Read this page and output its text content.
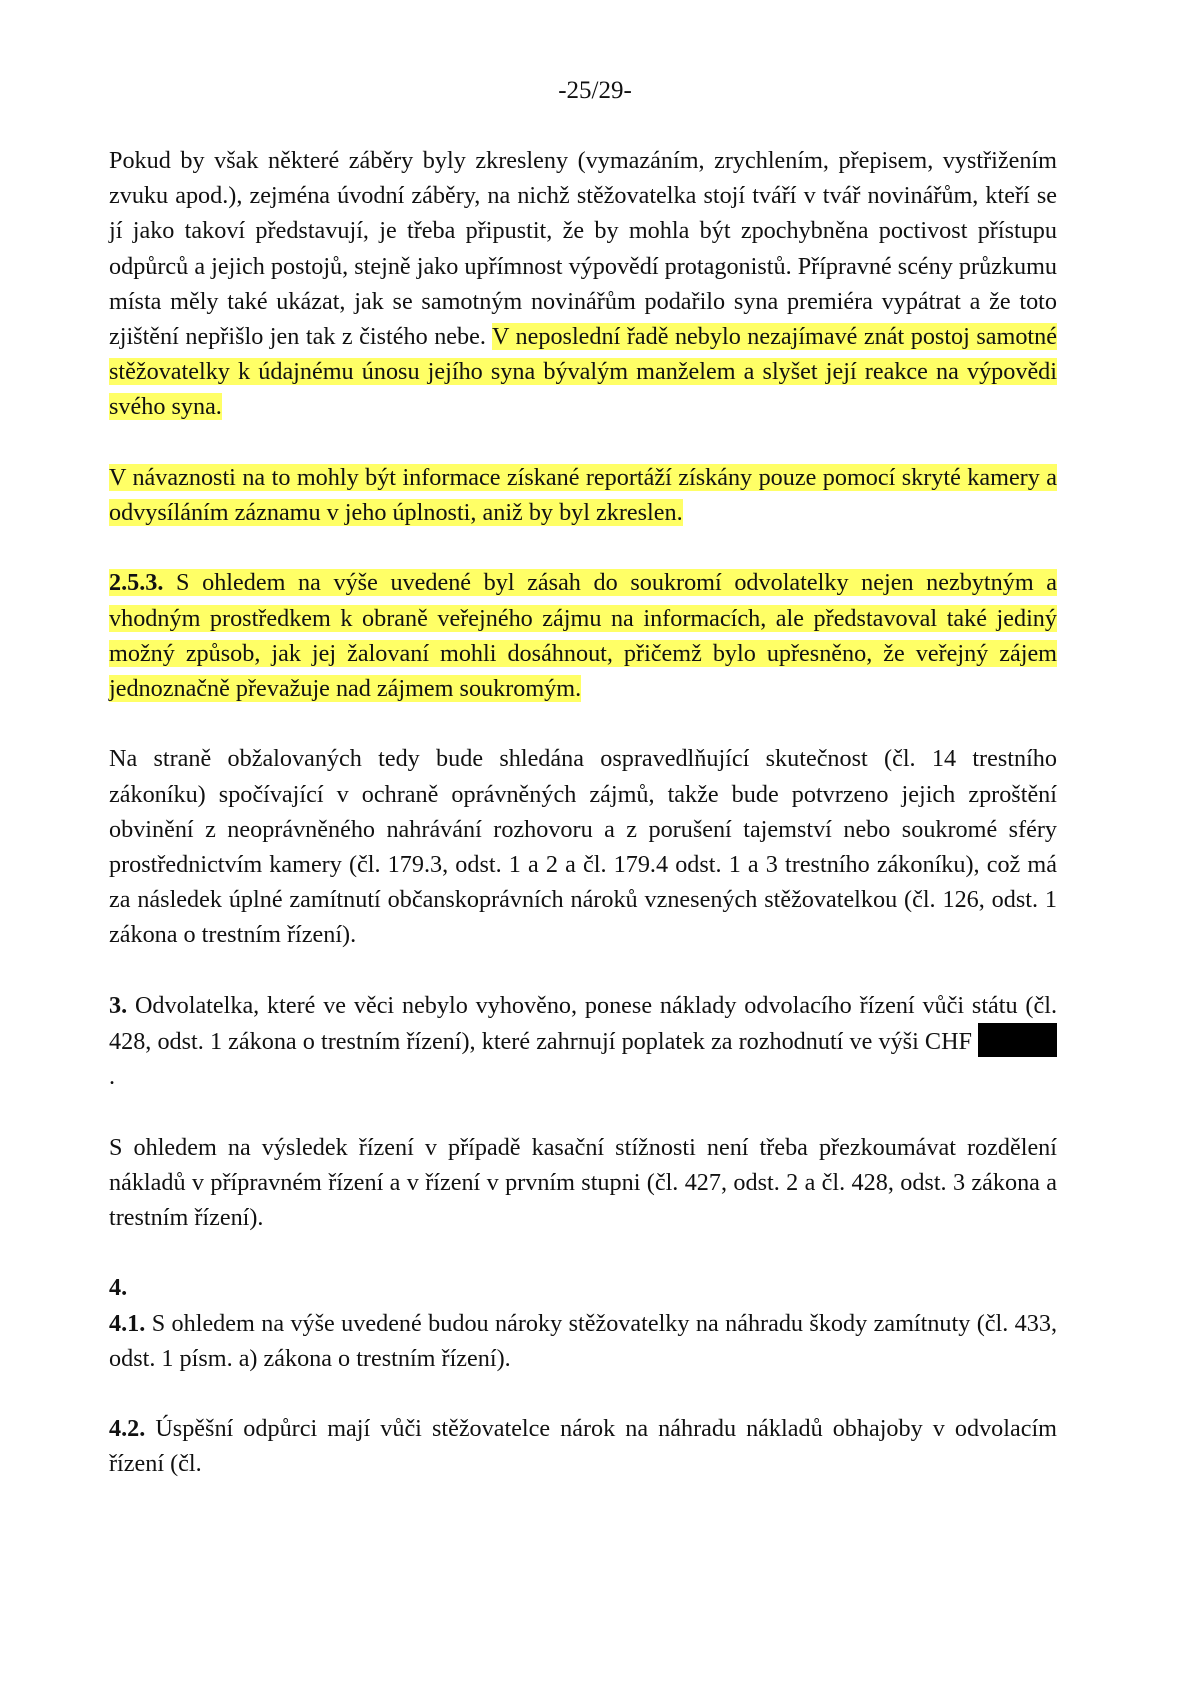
-25/29-

Pokud by však některé záběry byly zkresleny (vymazáním, zrychlením, přepisem, vystřižením zvuku apod.), zejména úvodní záběry, na nichž stěžovatelka stojí tváří v tvář novinářům, kteří se jí jako takoví představují, je třeba připustit, že by mohla být zpochybněna poctivost přístupu odpůrců a jejich postojů, stejně jako upřímnost výpovědí protagonistů. Přípravné scény průzkumu místa měly také ukázat, jak se samotným novinářům podařilo syna premiéra vypátrat a že toto zjištění nepřišlo jen tak z čistého nebe. V neposlední řadě nebylo nezajímavé znát postoj samotné stěžovatelky k údajnému únosu jejího syna bývalým manželem a slyšet její reakce na výpovědi svého syna.

V návaznosti na to mohly být informace získané reportáží získány pouze pomocí skryté kamery a odvysíláním záznamu v jeho úplnosti, aniž by byl zkreslen.

2.5.3. S ohledem na výše uvedené byl zásah do soukromí odvolatelky nejen nezbytným a vhodným prostředkem k obraně veřejného zájmu na informacích, ale představoval také jediný možný způsob, jak jej žalovaní mohli dosáhnout, přičemž bylo upřesněno, že veřejný zájem jednoznačně převažuje nad zájmem soukromým.

Na straně obžalovaných tedy bude shledána ospravedlňující skutečnost (čl. 14 trestního zákoníku) spočívající v ochraně oprávněných zájmů, takže bude potvrzeno jejich zproštění obvinění z neoprávněného nahrávání rozhovoru a z porušení tajemství nebo soukromé sféry prostřednictvím kamery (čl. 179.3, odst. 1 a 2 a čl. 179.4 odst. 1 a 3 trestního zákoníku), což má za následek úplné zamítnutí občanskoprávních nároků vznesených stěžovatelkou (čl. 126, odst. 1 zákona o trestním řízení).

3. Odvolatelka, které ve věci nebylo vyhověno, ponese náklady odvolacího řízení vůči státu (čl. 428, odst. 1 zákona o trestním řízení), které zahrnují poplatek za rozhodnutí ve výši CHF.

S ohledem na výsledek řízení v případě kasační stížnosti není třeba přezkoumávat rozdělení nákladů v přípravném řízení a v řízení v prvním stupni (čl. 427, odst. 2 a čl. 428, odst. 3 zákona a trestním řízení).

4.

4.1. S ohledem na výše uvedené budou nároky stěžovatelky na náhradu škody zamítnuty (čl. 433, odst. 1 písm. a) zákona o trestním řízení).

4.2. Úspěšní odpůrci mají vůči stěžovatelce nárok na náhradu nákladů obhajoby v odvolacím řízení (čl.
